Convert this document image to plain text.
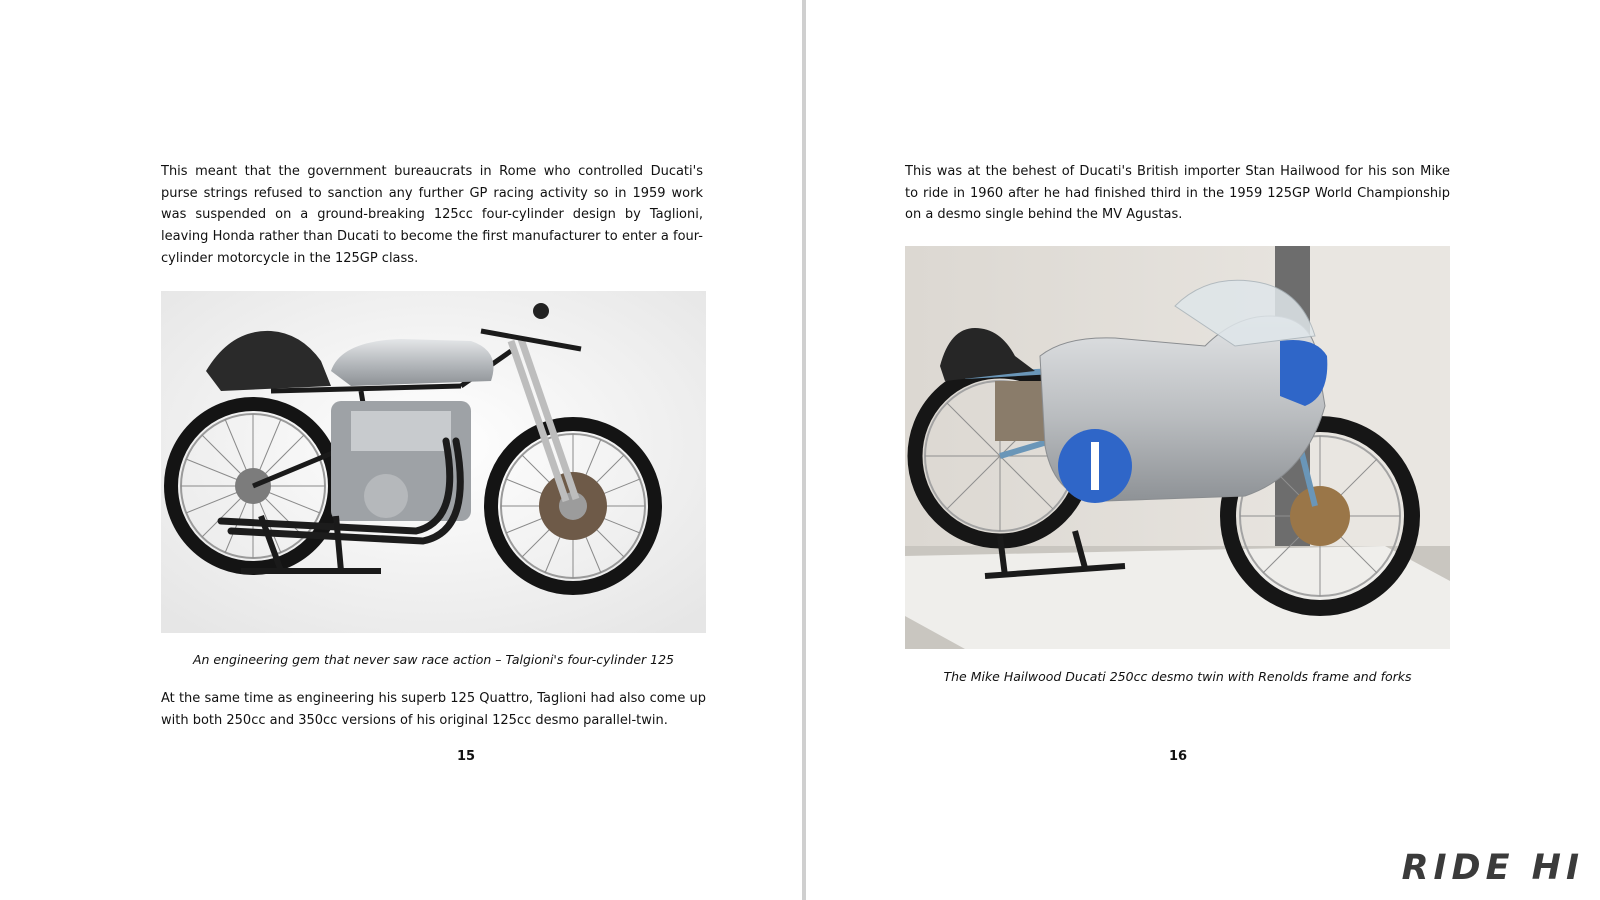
This meant that the government bureaucrats in Rome who controlled Ducati's purse strings refused to sanction any further GP racing activity so in 1959 work was suspended on a ground-breaking 125cc four-cylinder design by Taglioni, leaving Honda rather than Ducati to become the first manufacturer to enter a four-cylinder motorcycle in the 125GP class.

An engineering gem that never saw race action – Talgioni's four-cylinder 125

At the same time as engineering his superb 125 Quattro, Taglioni had also come up with both 250cc and 350cc versions of his original 125cc desmo parallel-twin.

15

This was at the behest of Ducati's British importer Stan Hailwood for his son Mike to ride in 1960 after he had finished third in the 1959 125GP World Championship on a desmo single behind the MV Agustas.

The Mike Hailwood Ducati 250cc desmo twin with Renolds frame and forks

16
RIDE HI
